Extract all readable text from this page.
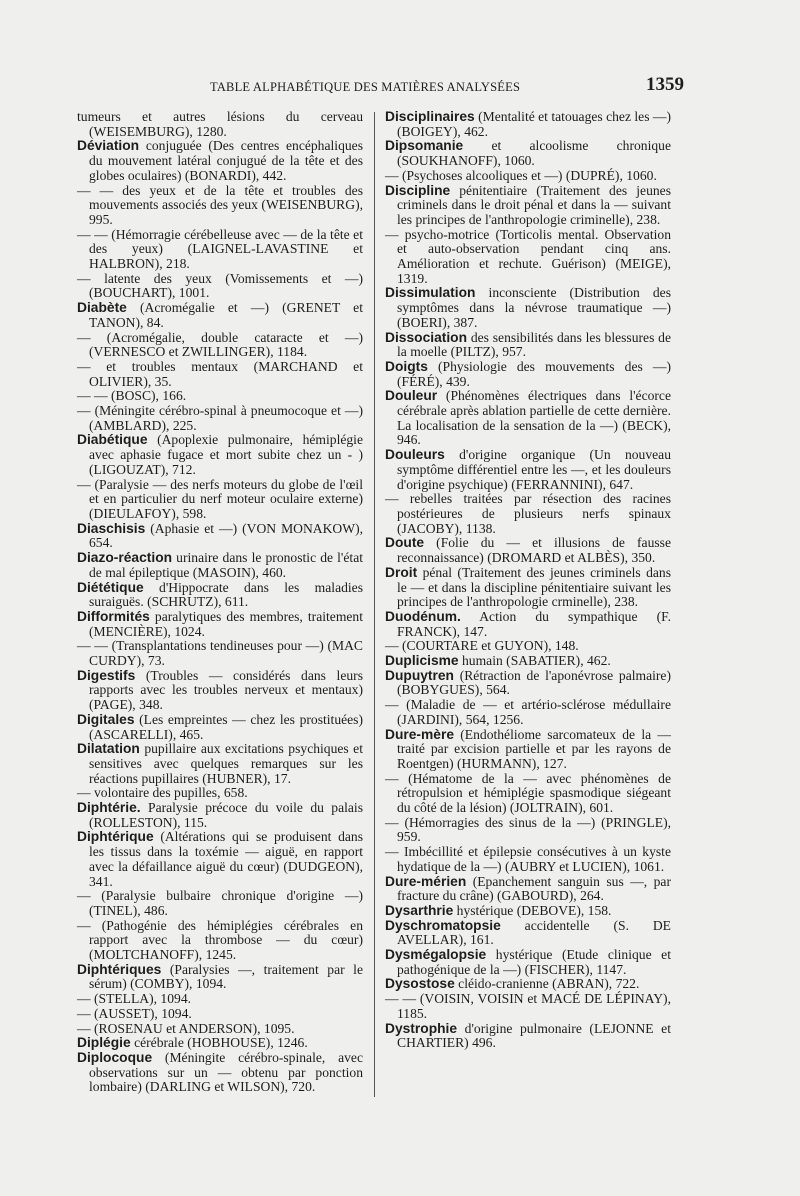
TABLE ALPHABÉTIQUE DES MATIÈRES ANALYSÉES	1359

tumeurs et autres lésions du cerveau (WEISEMBURG), 1280.

Déviation conjuguée (Des centres encéphaliques du mouvement latéral conjugué de la tête et des globes oculaires) (BONARDI), 442.

— — des yeux et de la tête et troubles des mouvements associés des yeux (WEISENBURG), 995.

— — (Hémorragie cérébelleuse avec — de la tête et des yeux) (LAIGNEL-LAVASTINE et HALBRON), 218.

— latente des yeux (Vomissements et —) (BOUCHART), 1001.

Diabète (Acromégalie et —) (GRENET et TANON), 84.

— (Acromégalie, double cataracte et —) (VERNESCO et ZWILLINGER), 1184.

— et troubles mentaux (MARCHAND et OLIVIER), 35.

— — (BOSC), 166.

— (Méningite cérébro-spinal à pneumocoque et —) (AMBLARD), 225.

Diabétique (Apoplexie pulmonaire, hémiplégie avec aphasie fugace et mort subite chez un - ) (LIGOUZAT), 712.

— (Paralysie — des nerfs moteurs du globe de l'œil et en particulier du nerf moteur oculaire externe) (DIEULAFOY), 598.

Diaschisis (Aphasie et —) (VON MONAKOW), 654.

Diazo-réaction urinaire dans le pronostic de l'état de mal épileptique (MASOIN), 460.

Diététique d'Hippocrate dans les maladies suraiguës. (SCHRUTZ), 611.

Difformités paralytiques des membres, traitement (MENCIÈRE), 1024.

— — (Transplantations tendineuses pour —) (MAC CURDY), 73.

Digestifs (Troubles — considérés dans leurs rapports avec les troubles nerveux et mentaux) (PAGE), 348.

Digitales (Les empreintes — chez les prostituées) (ASCARELLI), 465.

Dilatation pupillaire aux excitations psychiques et sensitives avec quelques remarques sur les réactions pupillaires (HUBNER), 17.

— volontaire des pupilles, 658.

Diphtérie. Paralysie précoce du voile du palais (ROLLESTON), 115.

Diphtérique (Altérations qui se produisent dans les tissus dans la toxémie — aiguë, en rapport avec la défaillance aiguë du cœur) (DUDGEON), 341.

— (Paralysie bulbaire chronique d'origine —) (TINEL), 486.

— (Pathogénie des hémiplégies cérébrales en rapport avec la thrombose — du cœur) (MOLTCHANOFF), 1245.

Diphtériques (Paralysies —, traitement par le sérum) (COMBY), 1094.

— (STELLA), 1094.

— (AUSSET), 1094.

— (ROSENAU et ANDERSON), 1095.

Diplégie cérébrale (HOBHOUSE), 1246.

Diplocoque (Méningite cérébro-spinale, avec observations sur un — obtenu par ponction lombaire) (DARLING et WILSON), 720.

Disciplinaires (Mentalité et tatouages chez les —) (BOIGEY), 462.

Dipsomanie et alcoolisme chronique (SOUKHANOFF), 1060.

— (Psychoses alcooliques et —) (DUPRÉ), 1060.

Discipline pénitentiaire (Traitement des jeunes criminels dans le droit pénal et dans la — suivant les principes de l'anthropologie criminelle), 238.

— psycho-motrice (Torticolis mental. Observation et auto-observation pendant cinq ans. Amélioration et rechute. Guérison) (MEIGE), 1319.

Dissimulation inconsciente (Distribution des symptômes dans la névrose traumatique —) (BOERI), 387.

Dissociation des sensibilités dans les blessures de la moelle (PILTZ), 957.

Doigts (Physiologie des mouvements des —) (FÉRÉ), 439.

Douleur (Phénomènes électriques dans l'écorce cérébrale après ablation partielle de cette dernière. La localisation de la sensation de la —) (BECK), 946.

Douleurs d'origine organique (Un nouveau symptôme différentiel entre les —, et les douleurs d'origine psychique) (FERRANNINI), 647.

— rebelles traitées par résection des racines postérieures de plusieurs nerfs spinaux (JACOBY), 1138.

Doute (Folie du — et illusions de fausse reconnaissance) (DROMARD et ALBÈS), 350.

Droit pénal (Traitement des jeunes criminels dans le — et dans la discipline pénitentiaire suivant les principes de l'anthropologie crminelle), 238.

Duodénum. Action du sympathique (F. FRANCK), 147.

— (COURTARE et GUYON), 148.

Duplicisme humain (SABATIER), 462.

Dupuytren (Rétraction de l'aponévrose palmaire) (BOBYGUES), 564.

— (Maladie de — et artério-sclérose médullaire (JARDINI), 564, 1256.

Dure-mère (Endothéliome sarcomateux de la — traité par excision partielle et par les rayons de Roentgen) (HURMANN), 127.

— (Hématome de la — avec phénomènes de rétropulsion et hémiplégie spasmodique siégeant du côté de la lésion) (JOLTRAIN), 601.

— (Hémorragies des sinus de la —) (PRINGLE), 959.

— Imbécillité et épilepsie consécutives à un kyste hydatique de la —) (AUBRY et LUCIEN), 1061.

Dure-mérien (Epanchement sanguin sus —, par fracture du crâne) (GABOURD), 264.

Dysarthrie hystérique (DEBOVE), 158.

Dyschromatopsie accidentelle (S. DE AVELLAR), 161.

Dysmégalopsie hystérique (Etude clinique et pathogénique de la —) (FISCHER), 1147.

Dysostose cléido-cranienne (ABRAN), 722.

— — (VOISIN, VOISIN et MACÉ DE LÉPINAY), 1185.

Dystrophie d'origine pulmonaire (LEJONNE et CHARTIER) 496.
